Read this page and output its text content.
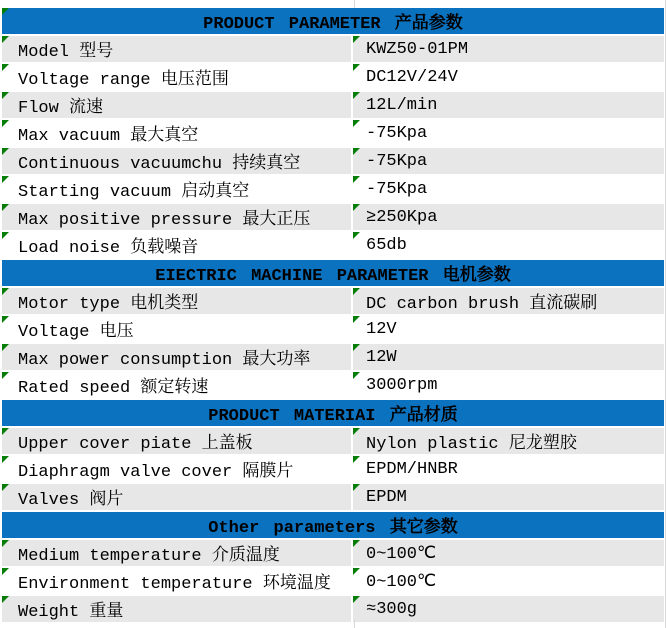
PRODUCT PARAMETER 产品参数
Model 型号	KWZ50-01PM
Voltage range 电压范围	DC12V/24V
Flow 流速	12L/min
Max vacuum 最大真空	-75Kpa
Continuous vacuumchu 持续真空	-75Kpa
Starting vacuum 启动真空	-75Kpa
Max positive pressure 最大正压	≥250Kpa
Load noise 负载噪音	65db
EIECTRIC MACHINE PARAMETER 电机参数
Motor type 电机类型	DC carbon brush 直流碳刷
Voltage 电压	12V
Max power consumption 最大功率	12W
Rated speed 额定转速	3000rpm
PRODUCT MATERIAI 产品材质
Upper cover piate 上盖板	Nylon plastic 尼龙塑胶
Diaphragm valve cover 隔膜片	EPDM/HNBR
Valves 阀片	EPDM
Other parameters 其它参数
Medium temperature 介质温度	0~100℃
Environment temperature 环境温度 0~100℃
Weight 重量	≈300g
